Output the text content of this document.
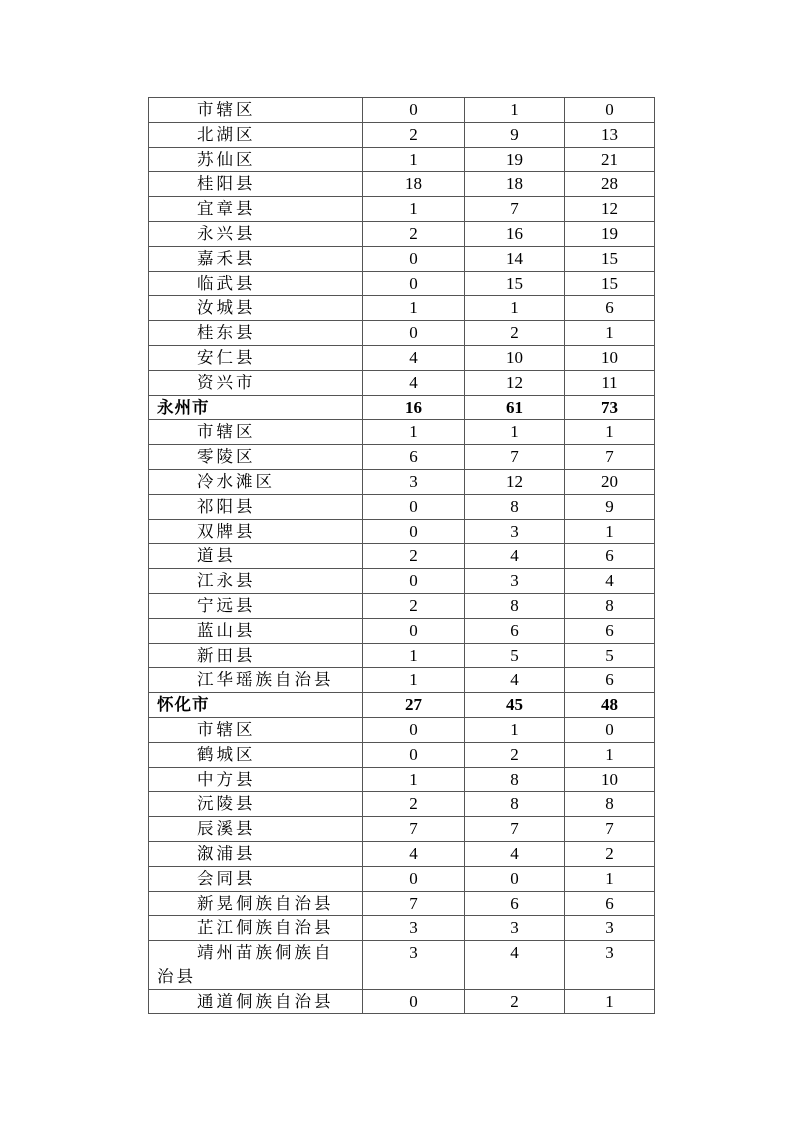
市辖区	0	1	0
北湖区	2	9	13
苏仙区	1	19	21
桂阳县	18	18	28
宜章县	1	7	12
永兴县	2	16	19
嘉禾县	0	14	15
临武县	0	15	15
汝城县	1	1	6
桂东县	0	2	1
安仁县	4	10	10
资兴市	4	12	11
永州市	16	61	73
市辖区	1	1	1
零陵区	6	7	7
冷水滩区	3	12	20
祁阳县	0	8	9
双牌县	0	3	1
道县	2	4	6
江永县	0	3	4
宁远县	2	8	8
蓝山县	0	6	6
新田县	1	5	5
江华瑶族自治县	1	4	6
怀化市	27	45	48
市辖区	0	1	0
鹤城区	0	2	1
中方县	1	8	10
沅陵县	2	8	8
辰溪县	7	7	7
溆浦县	4	4	2
会同县	0	0	1
新晃侗族自治县	7	6	6
芷江侗族自治县	3	3	3
靖州苗族侗族自治县	3	4	3
通道侗族自治县	0	2	1
